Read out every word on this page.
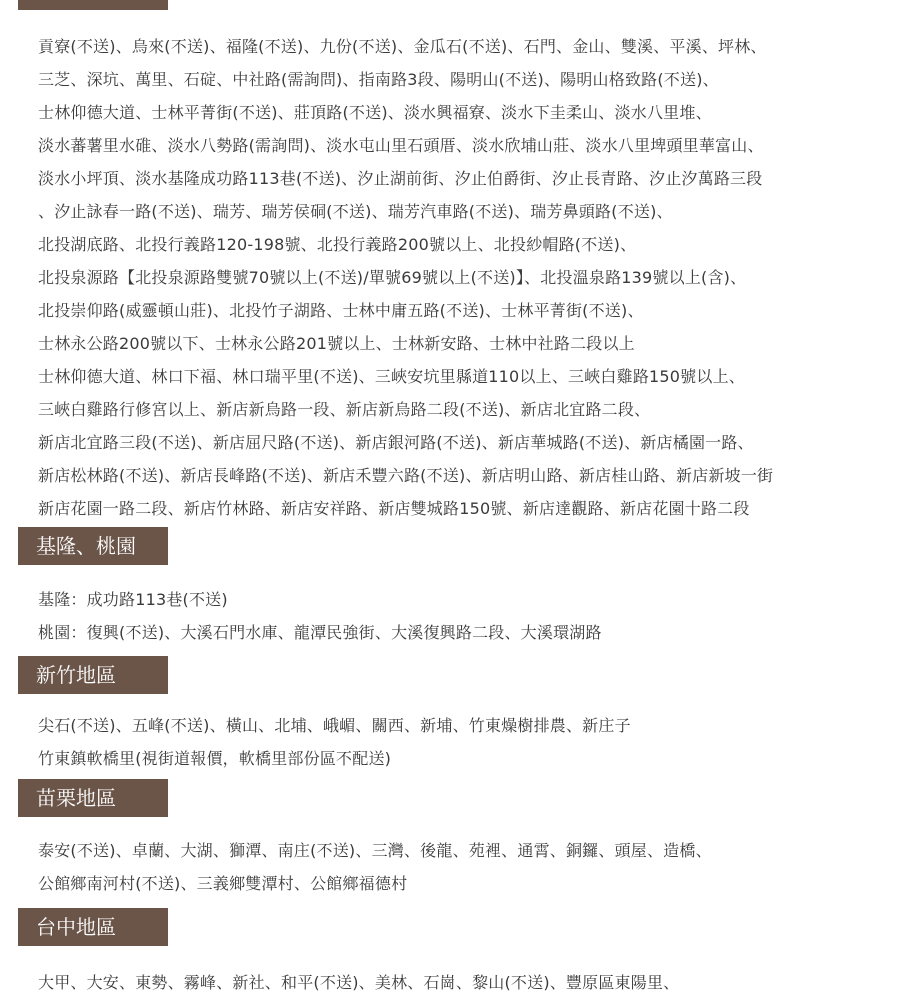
貢寮(不送)、烏來(不送)、福隆(不送)、九份(不送)、金瓜石(不送)、石門、金山、雙溪、平溪、坪林、
三芝、深坑、萬里、石碇、中社路(需詢問)、指南路3段、陽明山(不送)、陽明山格致路(不送)、
士林仰德大道、士林平菁街(不送)、莊頂路(不送)、淡水興福寮、淡水下圭柔山、淡水八里堆、
淡水蕃薯里水碓、淡水八勢路(需詢問)、淡水屯山里石頭厝、淡水欣埔山莊、淡水八里埤頭里華富山、
淡水小坪頂、淡水基隆成功路113巷(不送)、汐止湖前街、汐止伯爵街、汐止長青路、汐止汐萬路三段
、汐止詠春一路(不送)、瑞芳、瑞芳侯硐(不送)、瑞芳汽車路(不送)、瑞芳鼻頭路(不送)、
北投湖底路、北投行義路120-198號、北投行義路200號以上、北投紗帽路(不送)、
北投泉源路【北投泉源路雙號70號以上(不送)/單號69號以上(不送)】、北投溫泉路139號以上(含)、
北投崇仰路(威靈頓山莊)、北投竹子湖路、士林中庸五路(不送)、士林平菁街(不送)、
士林永公路200號以下、士林永公路201號以上、士林新安路、士林中社路二段以上
士林仰德大道、林口下福、林口瑞平里(不送)、三峽安坑里縣道110以上、三峽白雞路150號以上、
三峽白雞路行修宮以上、新店新烏路一段、新店新烏路二段(不送)、新店北宜路二段、
新店北宜路三段(不送)、新店屈尺路(不送)、新店銀河路(不送)、新店華城路(不送)、新店橘園一路、
新店松林路(不送)、新店長峰路(不送)、新店禾豐六路(不送)、新店明山路、新店桂山路、新店新坡一街
新店花園一路二段、新店竹林路、新店安祥路、新店雙城路150號、新店達觀路、新店花園十路二段
基隆、桃園
基隆：成功路113巷(不送)
桃園：復興(不送)、大溪石門水庫、龍潭民強街、大溪復興路二段、大溪環湖路
新竹地區
尖石(不送)、五峰(不送)、橫山、北埔、峨嵋、關西、新埔、竹東燥樹排農、新庄子
竹東鎮軟橋里(視街道報價，軟橋里部份區不配送)
苗栗地區
泰安(不送)、卓蘭、大湖、獅潭、南庄(不送)、三灣、後龍、苑裡、通霄、銅鑼、頭屋、造橋、
公館鄉南河村(不送)、三義鄉雙潭村、公館鄉福德村
台中地區
大甲、大安、東勢、霧峰、新社、和平(不送)、美林、石崗、黎山(不送)、豐原區東陽里、
